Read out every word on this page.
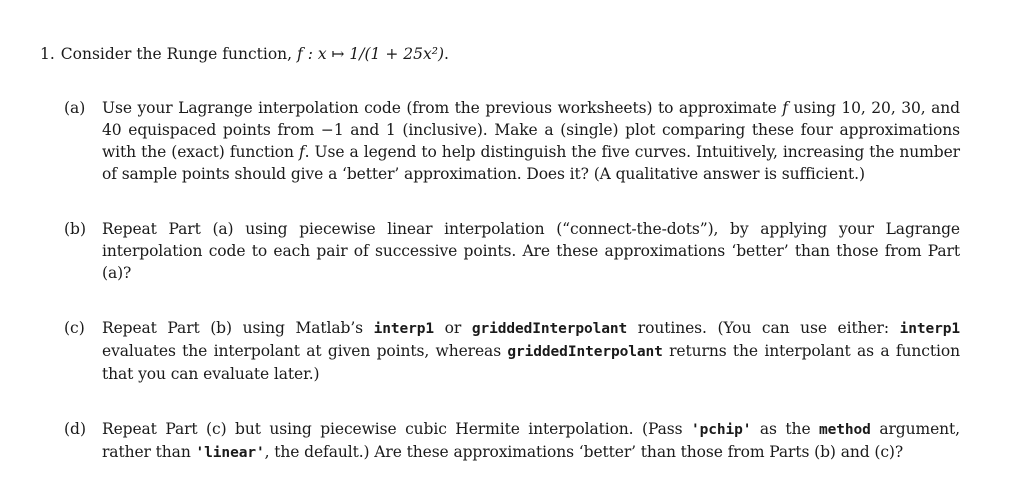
1. Consider the Runge function, f : x ↦ 1/(1 + 25x²).
(a)	Use your Lagrange interpolation code (from the previous worksheets) to approximate f using 10, 20, 30, and 40 equispaced points from −1 and 1 (inclusive). Make a (single) plot comparing these four approximations with the (exact) function f. Use a legend to help distinguish the five curves. Intuitively, increasing the number of sample points should give a ‘better’ approximation. Does it? (A qualitative answer is sufficient.)
(b)	Repeat Part (a) using piecewise linear interpolation (“connect-the-dots”), by applying your Lagrange interpolation code to each pair of successive points. Are these approximations ‘better’ than those from Part (a)?
(c)	Repeat Part (b) using Matlab’s interp1 or griddedInterpolant routines. (You can use either: interp1 evaluates the interpolant at given points, whereas griddedInterpolant returns the interpolant as a function that you can evaluate later.)
(d)	Repeat Part (c) but using piecewise cubic Hermite interpolation. (Pass 'pchip' as the method argument, rather than 'linear', the default.) Are these approximations ‘better’ than those from Parts (b) and (c)?
